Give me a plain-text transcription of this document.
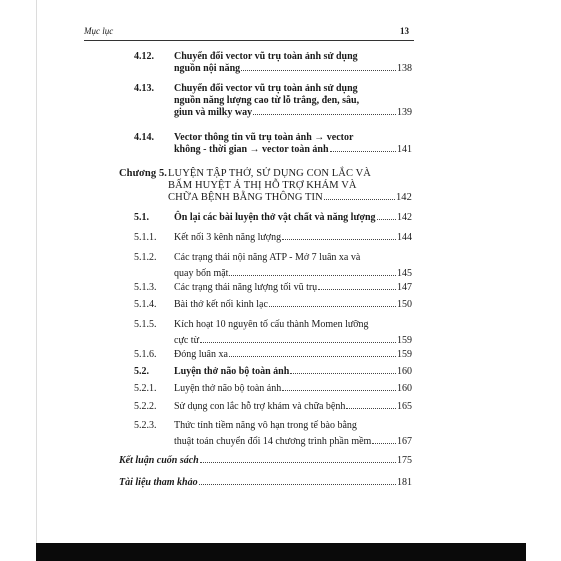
Mục lục	13
4.12. Chuyển đổi vector vũ trụ toàn ảnh sử dụng
nguồn nội năng	138
4.13. Chuyển đổi vector vũ trụ toàn ảnh sử dụng
nguồn năng lượng cao từ lỗ trắng, đen, sâu,
giun và milky way	139
4.14. Vector thông tin vũ trụ toàn ảnh → vector
không - thời gian → vector toàn ảnh	141
Chương 5. LUYỆN TẬP THỞ, SỬ DỤNG CON LẮC VÀ
BẤM HUYỆT Á THỊ HỖ TRỢ KHÁM VÀ
CHỮA BỆNH BẰNG THÔNG TIN	142
5.1.	Ôn lại các bài luyện thở vật chất và năng lượng 142
5.1.1. Kết nối 3 kênh năng lượng	144
5.1.2. Các trạng thái nội năng ATP - Mở 7 luân xa và
quay bốn mặt	145
5.1.3. Các trạng thái năng lượng tối vũ trụ	147
5.1.4. Bài thở kết nối kinh lạc	150
5.1.5. Kích hoạt 10 nguyên tố cấu thành Momen lưỡng
cực từ	159
5.1.6. Đóng luân xa	159
5.2.	Luyện thở não bộ toàn ảnh	160
5.2.1. Luyện thở não bộ toàn ảnh	160
5.2.2. Sử dụng con lắc hỗ trợ khám và chữa bệnh	165
5.2.3. Thức tỉnh tiềm năng vô hạn trong tế bào bằng
thuật toán chuyển đổi 14 chương trình phần mềm	167
Kết luận cuốn sách	175
Tài liệu tham khảo	181
